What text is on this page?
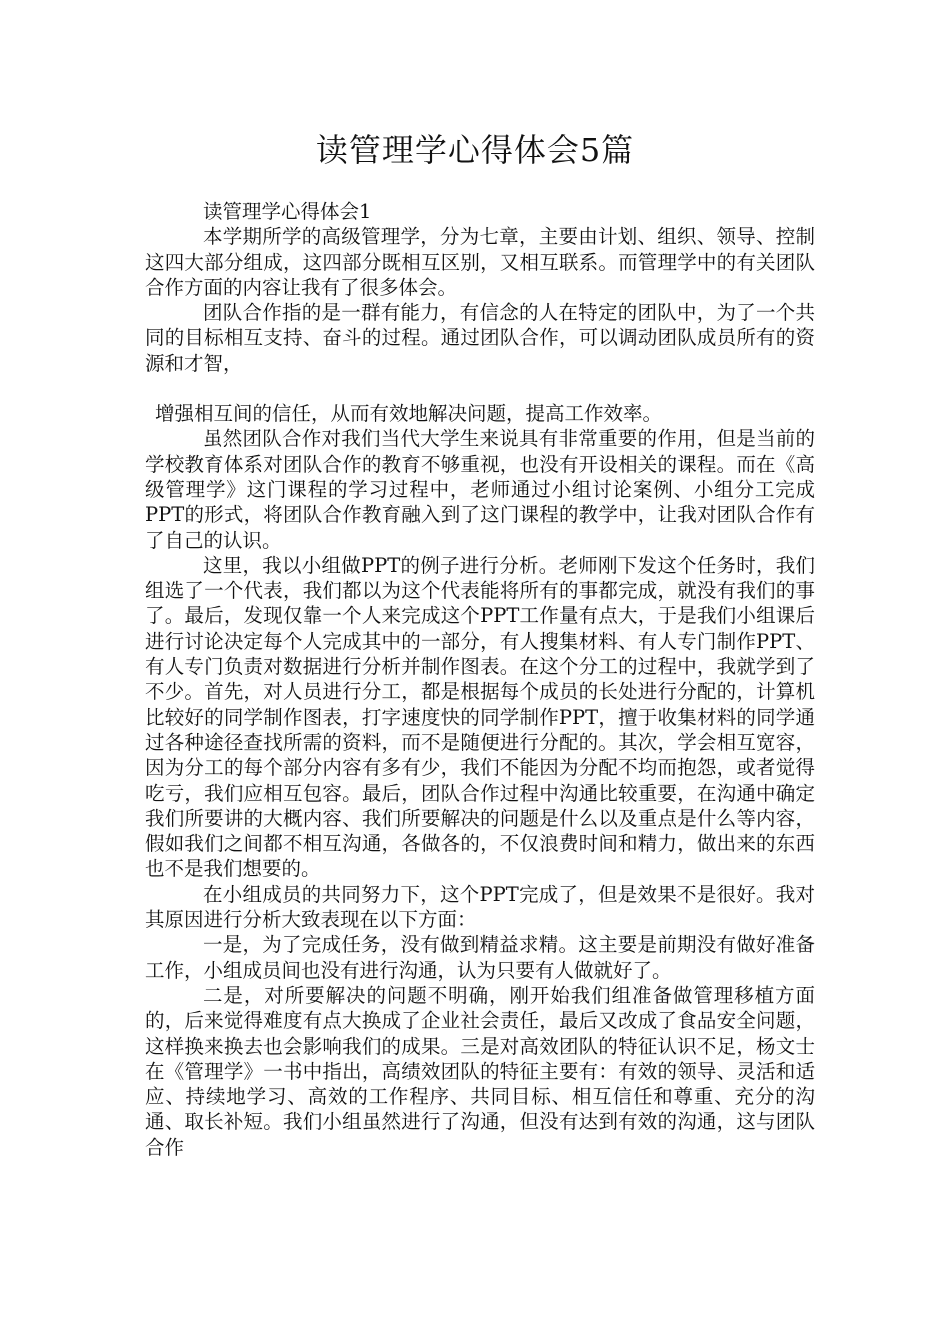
读管理学心得体会5篇

读管理学心得体会1

本学期所学的高级管理学，分为七章，主要由计划、组织、领导、控制这四大部分组成，这四部分既相互区别，又相互联系。而管理学中的有关团队合作方面的内容让我有了很多体会。

团队合作指的是一群有能力，有信念的人在特定的团队中，为了一个共同的目标相互支持、奋斗的过程。通过团队合作，可以调动团队成员所有的资源和才智，

增强相互间的信任，从而有效地解决问题，提高工作效率。

虽然团队合作对我们当代大学生来说具有非常重要的作用，但是当前的学校教育体系对团队合作的教育不够重视，也没有开设相关的课程。而在《高级管理学》这门课程的学习过程中，老师通过小组讨论案例、小组分工完成PPT的形式，将团队合作教育融入到了这门课程的教学中，让我对团队合作有了自己的认识。

这里，我以小组做PPT的例子进行分析。老师刚下发这个任务时，我们组选了一个代表，我们都以为这个代表能将所有的事都完成，就没有我们的事了。最后，发现仅靠一个人来完成这个PPT工作量有点大，于是我们小组课后进行讨论决定每个人完成其中的一部分，有人搜集材料、有人专门制作PPT、有人专门负责对数据进行分析并制作图表。在这个分工的过程中，我就学到了不少。首先，对人员进行分工，都是根据每个成员的长处进行分配的，计算机比较好的同学制作图表，打字速度快的同学制作PPT，擅于收集材料的同学通过各种途径查找所需的资料，而不是随便进行分配的。其次，学会相互宽容，因为分工的每个部分内容有多有少，我们不能因为分配不均而抱怨，或者觉得吃亏，我们应相互包容。最后，团队合作过程中沟通比较重要，在沟通中确定我们所要讲的大概内容、我们所要解决的问题是什么以及重点是什么等内容，假如我们之间都不相互沟通，各做各的，不仅浪费时间和精力，做出来的东西也不是我们想要的。

在小组成员的共同努力下，这个PPT完成了，但是效果不是很好。我对其原因进行分析大致表现在以下方面：

一是，为了完成任务，没有做到精益求精。这主要是前期没有做好准备工作，小组成员间也没有进行沟通，认为只要有人做就好了。

二是，对所要解决的问题不明确，刚开始我们组准备做管理移植方面的，后来觉得难度有点大换成了企业社会责任，最后又改成了食品安全问题，这样换来换去也会影响我们的成果。三是对高效团队的特征认识不足，杨文士在《管理学》一书中指出，高绩效团队的特征主要有：有效的领导、灵活和适应、持续地学习、高效的工作程序、共同目标、相互信任和尊重、充分的沟通、取长补短。我们小组虽然进行了沟通，但没有达到有效的沟通，这与团队合作
